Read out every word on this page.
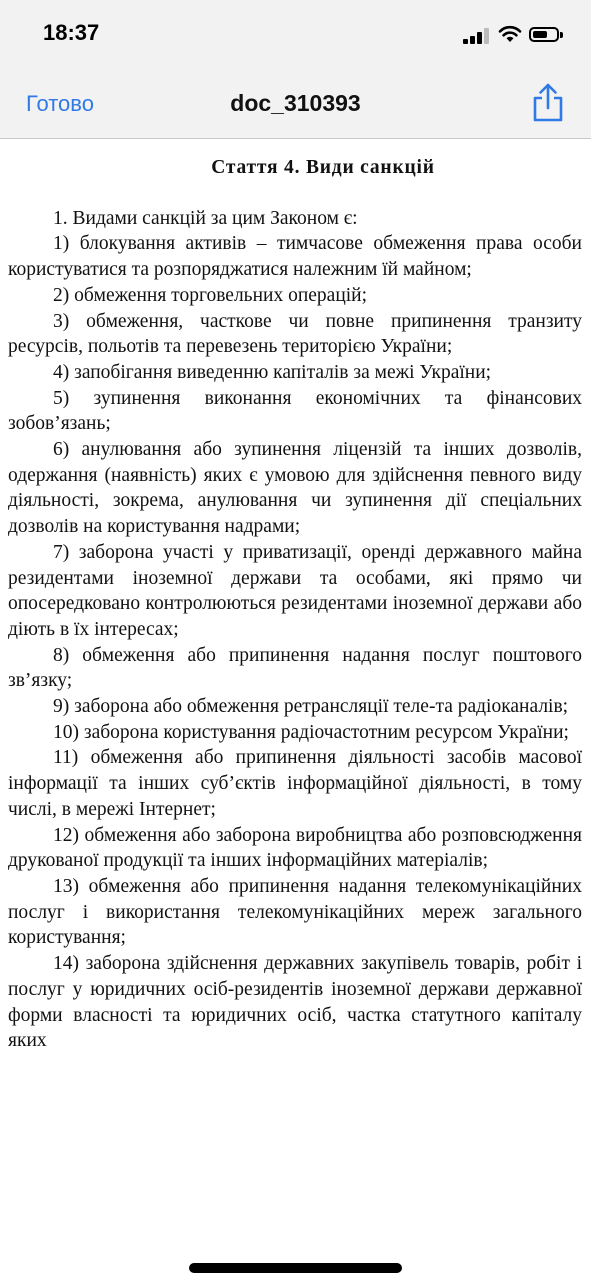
18:37
Готово	doc_310393
Стаття 4. Види санкцій
1. Видами санкцій за цим Законом є:
1) блокування активів – тимчасове обмеження права особи користуватися та розпоряджатися належним їй майном;
2) обмеження торговельних операцій;
3) обмеження, часткове чи повне припинення транзиту ресурсів, польотів та перевезень територією України;
4) запобігання виведенню капіталів за межі України;
5) зупинення виконання економічних та фінансових зобов’язань;
6) анулювання або зупинення ліцензій та інших дозволів, одержання (наявність) яких є умовою для здійснення певного виду діяльності, зокрема, анулювання чи зупинення дії спеціальних дозволів на користування надрами;
7) заборона участі у приватизації, оренді державного майна резидентами іноземної держави та особами, які прямо чи опосередковано контролюються резидентами іноземної держави або діють в їх інтересах;
8) обмеження або припинення надання послуг поштового зв’язку;
9) заборона або обмеження ретрансляції теле-та радіоканалів;
10) заборона користування радіочастотним ресурсом України;
11) обмеження або припинення діяльності засобів масової інформації та інших суб’єктів інформаційної діяльності, в тому числі, в мережі Інтернет;
12) обмеження або заборона виробництва або розповсюдження друкованої продукції та інших інформаційних матеріалів;
13) обмеження або припинення надання телекомунікаційних послуг і використання телекомунікаційних мереж загального користування;
14) заборона здійснення державних закупівель товарів, робіт і послуг у юридичних осіб-резидентів іноземної держави державної форми власності та юридичних осіб, частка статутного капіталу яких
